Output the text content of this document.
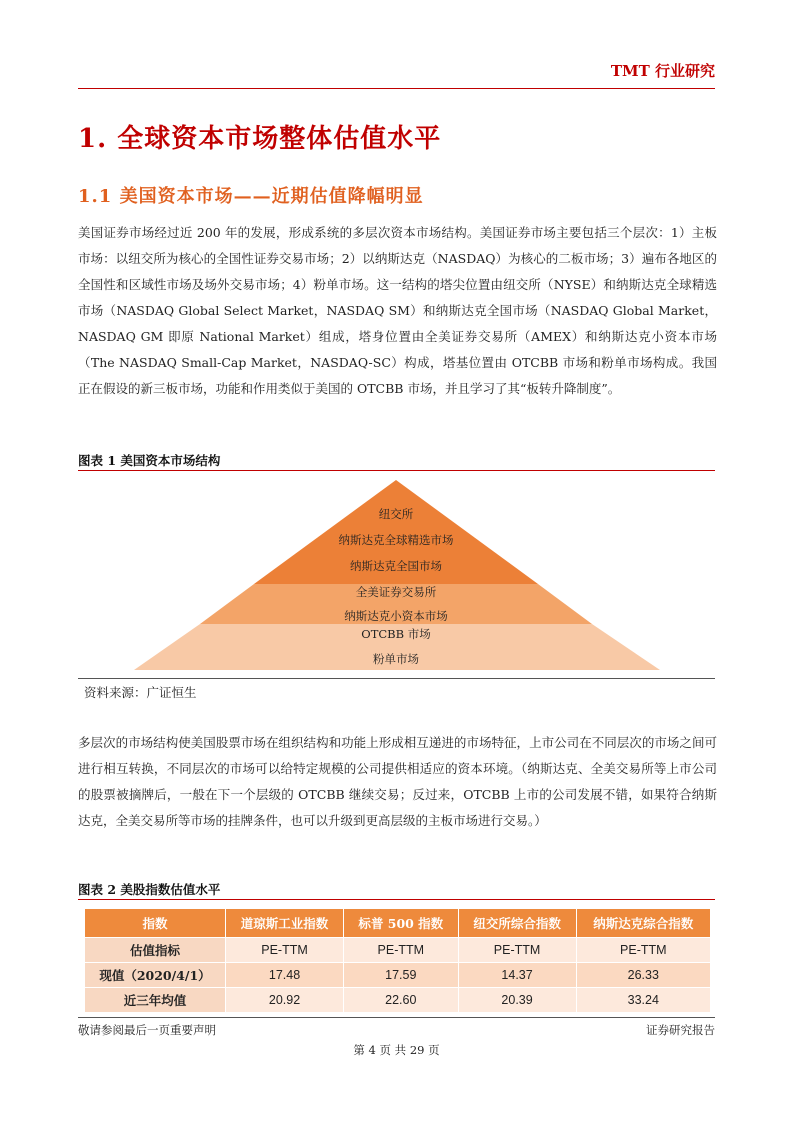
TMT 行业研究
1. 全球资本市场整体估值水平
1.1 美国资本市场——近期估值降幅明显
美国证券市场经过近 200 年的发展，形成系统的多层次资本市场结构。美国证券市场主要包括三个层次：1）主板市场：以纽交所为核心的全国性证券交易市场；2）以纳斯达克（NASDAQ）为核心的二板市场；3）遍布各地区的全国性和区域性市场及场外交易市场；4）粉单市场。这一结构的塔尖位置由纽交所（NYSE）和纳斯达克全球精选市场（NASDAQ Global Select Market，NASDAQ SM）和纳斯达克全国市场（NASDAQ Global Market，NASDAQ GM 即原 National Market）组成，塔身位置由全美证券交易所（AMEX）和纳斯达克小资本市场（The NASDAQ Small-Cap Market，NASDAQ-SC）构成，塔基位置由 OTCBB 市场和粉单市场构成。我国正在假设的新三板市场，功能和作用类似于美国的 OTCBB 市场，并且学习了其“板转升降制度”。
图表 1 美国资本市场结构
纽交所
纳斯达克全球精选市场
纳斯达克全国市场
全美证券交易所
纳斯达克小资本市场
OTCBB 市场
粉单市场
资料来源：广证恒生
多层次的市场结构使美国股票市场在组织结构和功能上形成相互递进的市场特征，上市公司在不同层次的市场之间可进行相互转换，不同层次的市场可以给特定规模的公司提供相适应的资本环境。（纳斯达克、全美交易所等上市公司的股票被摘牌后，一般在下一个层级的 OTCBB 继续交易；反过来，OTCBB 上市的公司发展不错，如果符合纳斯达克，全美交易所等市场的挂牌条件，也可以升级到更高层级的主板市场进行交易。）
图表 2 美股指数估值水平
指数	道琼斯工业指数	标普 500 指数	纽交所综合指数	纳斯达克综合指数
估值指标	PE-TTM	PE-TTM	PE-TTM	PE-TTM
现值（2020/4/1）	17.48	17.59	14.37	26.33
近三年均值	20.92	22.60	20.39	33.24
敬请参阅最后一页重要声明	证券研究报告
第 4 页 共 29 页
